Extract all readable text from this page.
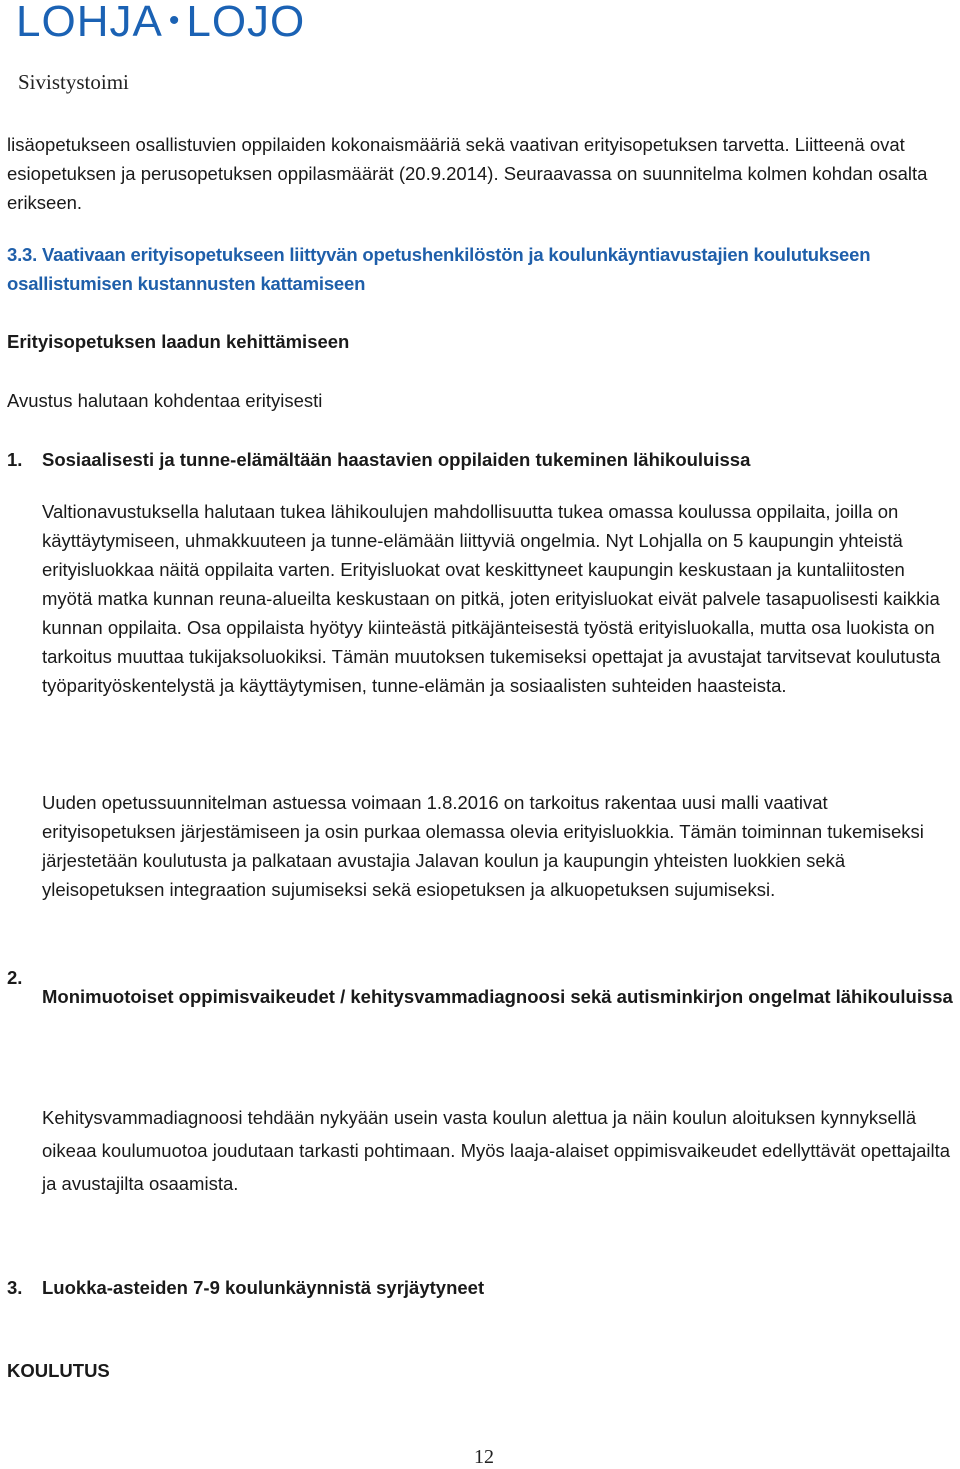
LOHJA • LOJO
Sivistystoimi

lisäopetukseen osallistuvien oppilaiden kokonaismääriä sekä vaativan erityisopetuksen tarvetta. Liitteenä ovat esiopetuksen ja perusopetuksen oppilasmäärät (20.9.2014). Seuraavassa on suunnitelma kolmen kohdan osalta erikseen.

3.3. Vaativaan erityisopetukseen liittyvän opetushenkilöstön ja koulunkäyntiavustajien koulutukseen osallistumisen kustannusten kattamiseen

Erityisopetuksen laadun kehittämiseen

Avustus halutaan kohdentaa erityisesti

1. Sosiaalisesti ja tunne-elämältään haastavien oppilaiden tukeminen lähikouluissa

Valtionavustuksella halutaan tukea lähikoulujen mahdollisuutta tukea omassa koulussa oppilaita, joilla on käyttäytymiseen, uhmakkuuteen ja tunne-elämään liittyviä ongelmia. Nyt Lohjalla on 5 kaupungin yhteistä erityisluokkaa näitä oppilaita varten. Erityisluokat ovat keskittyneet kaupungin keskustaan ja kuntaliitosten myötä matka kunnan reuna-alueilta keskustaan on pitkä, joten erityisluokat eivät palvele tasapuolisesti kaikkia kunnan oppilaita. Osa oppilaista hyötyy kiinteästä pitkäjänteisestä työstä erityisluokalla, mutta osa luokista on tarkoitus muuttaa tukijaksoluokiksi. Tämän muutoksen tukemiseksi opettajat ja avustajat tarvitsevat koulutusta työparityöskentelystä ja käyttäytymisen, tunne-elämän ja sosiaalisten suhteiden haasteista.

Uuden opetussuunnitelman astuessa voimaan 1.8.2016 on tarkoitus rakentaa uusi malli vaativat erityisopetuksen järjestämiseen ja osin purkaa olemassa olevia erityisluokkia. Tämän toiminnan tukemiseksi järjestetään koulutusta ja palkataan avustajia Jalavan koulun ja kaupungin yhteisten luokkien sekä yleisopetuksen integraation sujumiseksi sekä esiopetuksen ja alkuopetuksen sujumiseksi.

2.

Monimuotoiset oppimisvaikeudet / kehitysvammadiagnoosi sekä autisminkirjon ongelmat lähikouluissa

Kehitysvammadiagnoosi tehdään nykyään usein vasta koulun alettua ja näin koulun aloituksen kynnyksellä oikeaa koulumuotoa joudutaan tarkasti pohtimaan. Myös laaja-alaiset oppimisvaikeudet edellyttävät opettajailta ja avustajilta osaamista.

3. Luokka-asteiden 7-9 koulunkäynnistä syrjäytyneet

KOULUTUS

12
